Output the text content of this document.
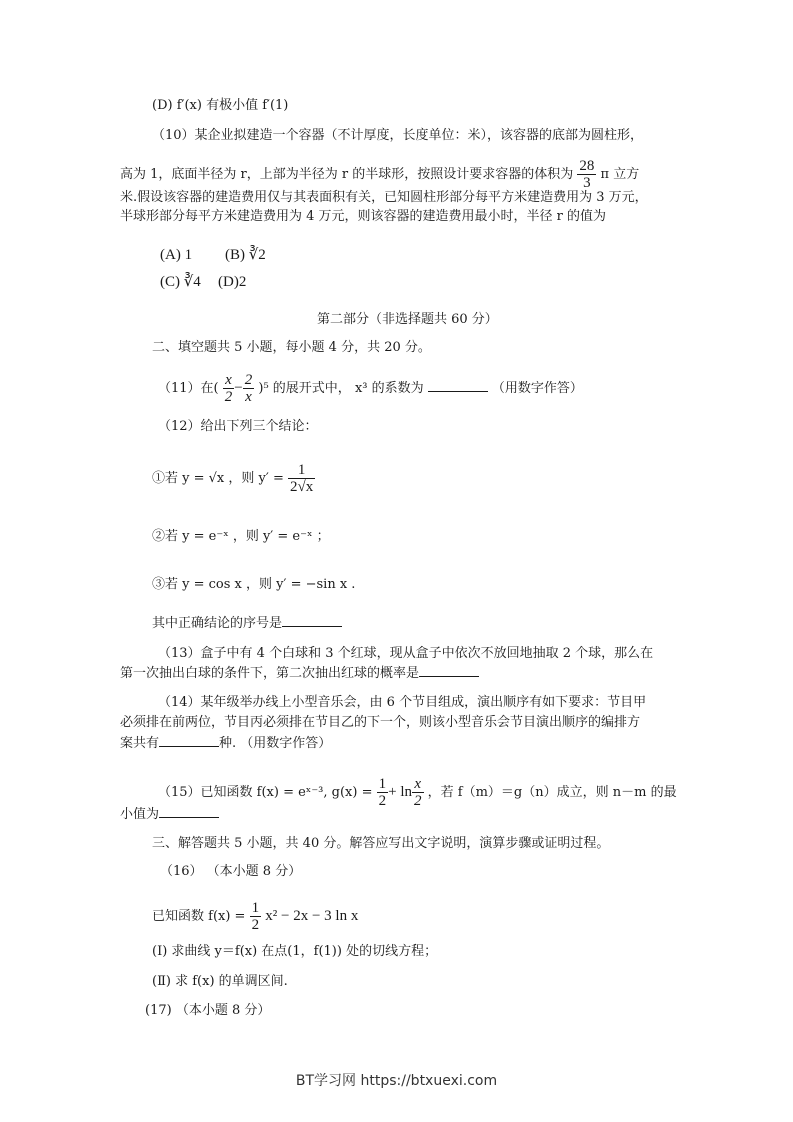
(D) f′(x) 有极小值 f′(1)
（10）某企业拟建造一个容器（不计厚度，长度单位：米），该容器的底部为圆柱形，
高为 1，底面半径为 r，上部为半径为 r 的半球形，按照设计要求容器的体积为 $\frac{28}{3}$ π 立方
米.假设该容器的建造费用仅与其表面积有关，已知圆柱形部分每平方米建造费用为 3 万元，
半球形部分每平方米建造费用为 4 万元，则该容器的建造费用最小时，半径 r 的值为
(A) 1 (B) ∛2
(C) ∛4 (D)2
第二部分（非选择题共 60 分）
二、填空题共 5 小题，每小题 4 分，共 20 分。
（11）在( $\frac{x}{2} - \frac{2}{x} )^5$ 的展开式中， x³ 的系数为	（用数字作答）
（12）给出下列三个结论：
①若 y = √x ，则 $y' = \frac{1}{2√x}$
②若 y = e⁻ˣ ，则 y′ = e⁻ˣ ；
③若 y = cos x ，则 y′ = −sin x .
其中正确结论的序号是
（13）盒子中有 4 个白球和 3 个红球，现从盒子中依次不放回地抽取 2 个球，那么在
第一次抽出白球的条件下，第二次抽出红球的概率是
（14）某年级举办线上小型音乐会，由 6 个节目组成，演出顺序有如下要求：节目甲
必须排在前两位，节目丙必须排在节目乙的下一个，则该小型音乐会节目演出顺序的编排方
案共有	种. （用数字作答）
（15）已知函数 f(x) = eˣ⁻³, $g(x) = \frac{1}{2} + \ln \frac{x}{2}$ ，若 f（m）＝g（n）成立，则 n－m 的最
小值为
三、解答题共 5 小题，共 40 分。解答应写出文字说明，演算步骤或证明过程。
（16） （本小题 8 分）
已知函数 $f(x) = \frac{1}{2} x^2 - 2x - 3$ ln x
(Ⅰ) 求曲线 y＝f(x) 在点(1，f(1)) 处的切线方程；
(Ⅱ) 求 f(x) 的单调区间.
(17) （本小题 8 分）
BT学习网 https://btxuexi.com
